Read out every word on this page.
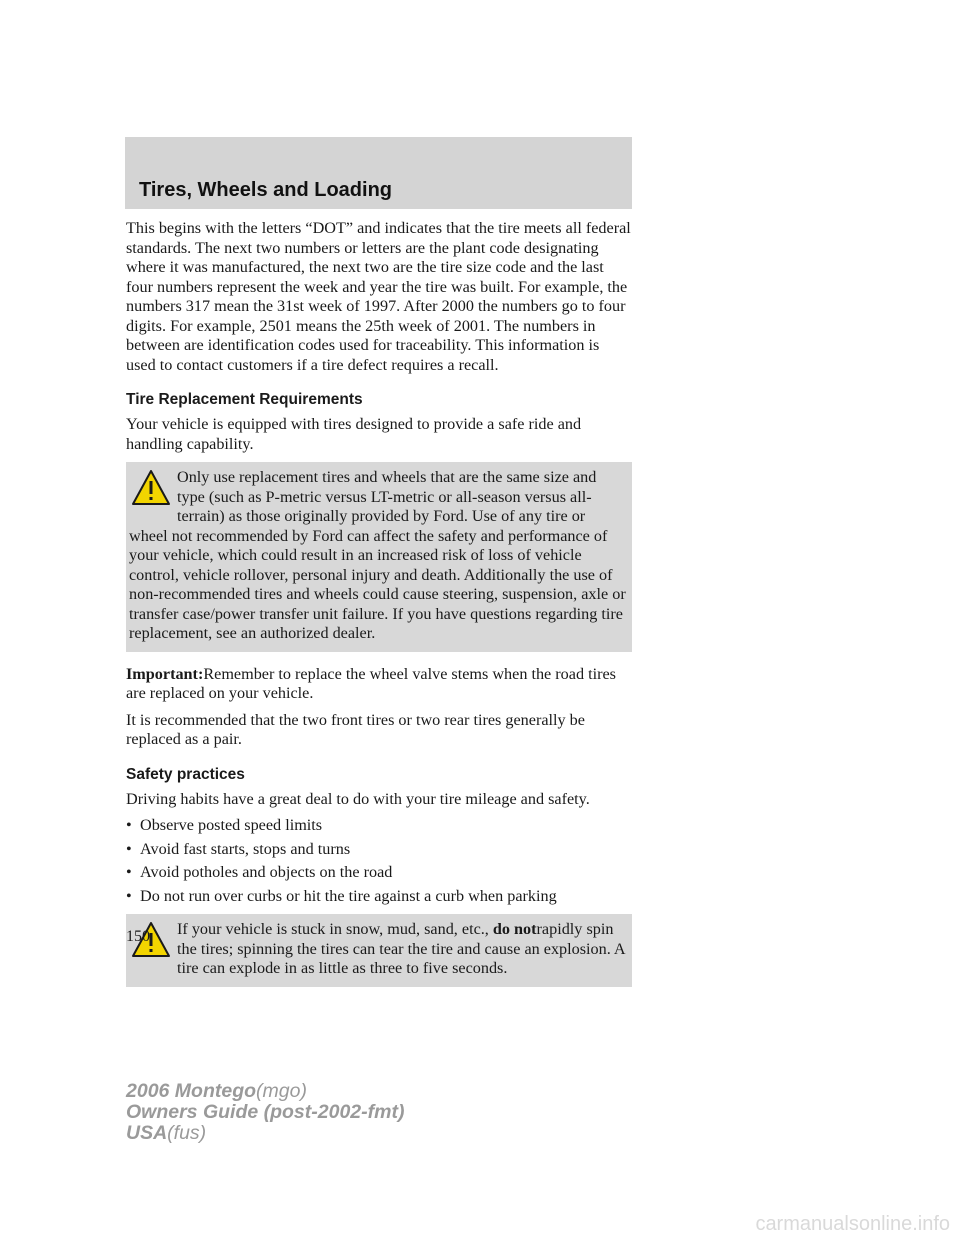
Tires, Wheels and Loading

This begins with the letters “DOT” and indicates that the tire meets all federal standards. The next two numbers or letters are the plant code designating where it was manufactured, the next two are the tire size code and the last four numbers represent the week and year the tire was built. For example, the numbers 317 mean the 31st week of 1997. After 2000 the numbers go to four digits. For example, 2501 means the 25th week of 2001. The numbers in between are identification codes used for traceability. This information is used to contact customers if a tire defect requires a recall.

Tire Replacement Requirements

Your vehicle is equipped with tires designed to provide a safe ride and handling capability.

Only use replacement tires and wheels that are the same size and type (such as P-metric versus LT-metric or all-season versus all-terrain) as those originally provided by Ford. Use of any tire or wheel not recommended by Ford can affect the safety and performance of your vehicle, which could result in an increased risk of loss of vehicle control, vehicle rollover, personal injury and death. Additionally the use of non-recommended tires and wheels could cause steering, suspension, axle or transfer case/power transfer unit failure. If you have questions regarding tire replacement, see an authorized dealer.

Important:Remember to replace the wheel valve stems when the road tires are replaced on your vehicle.

It is recommended that the two front tires or two rear tires generally be replaced as a pair.

Safety practices

Driving habits have a great deal to do with your tire mileage and safety.

• Observe posted speed limits
• Avoid fast starts, stops and turns
• Avoid potholes and objects on the road
• Do not run over curbs or hit the tire against a curb when parking

If your vehicle is stuck in snow, mud, sand, etc., do notrapidly spin the tires; spinning the tires can tear the tire and cause an explosion. A tire can explode in as little as three to five seconds.

150
2006 Montego(mgo)
Owners Guide (post-2002-fmt)
USA(fus)
carmanualsonline.info
